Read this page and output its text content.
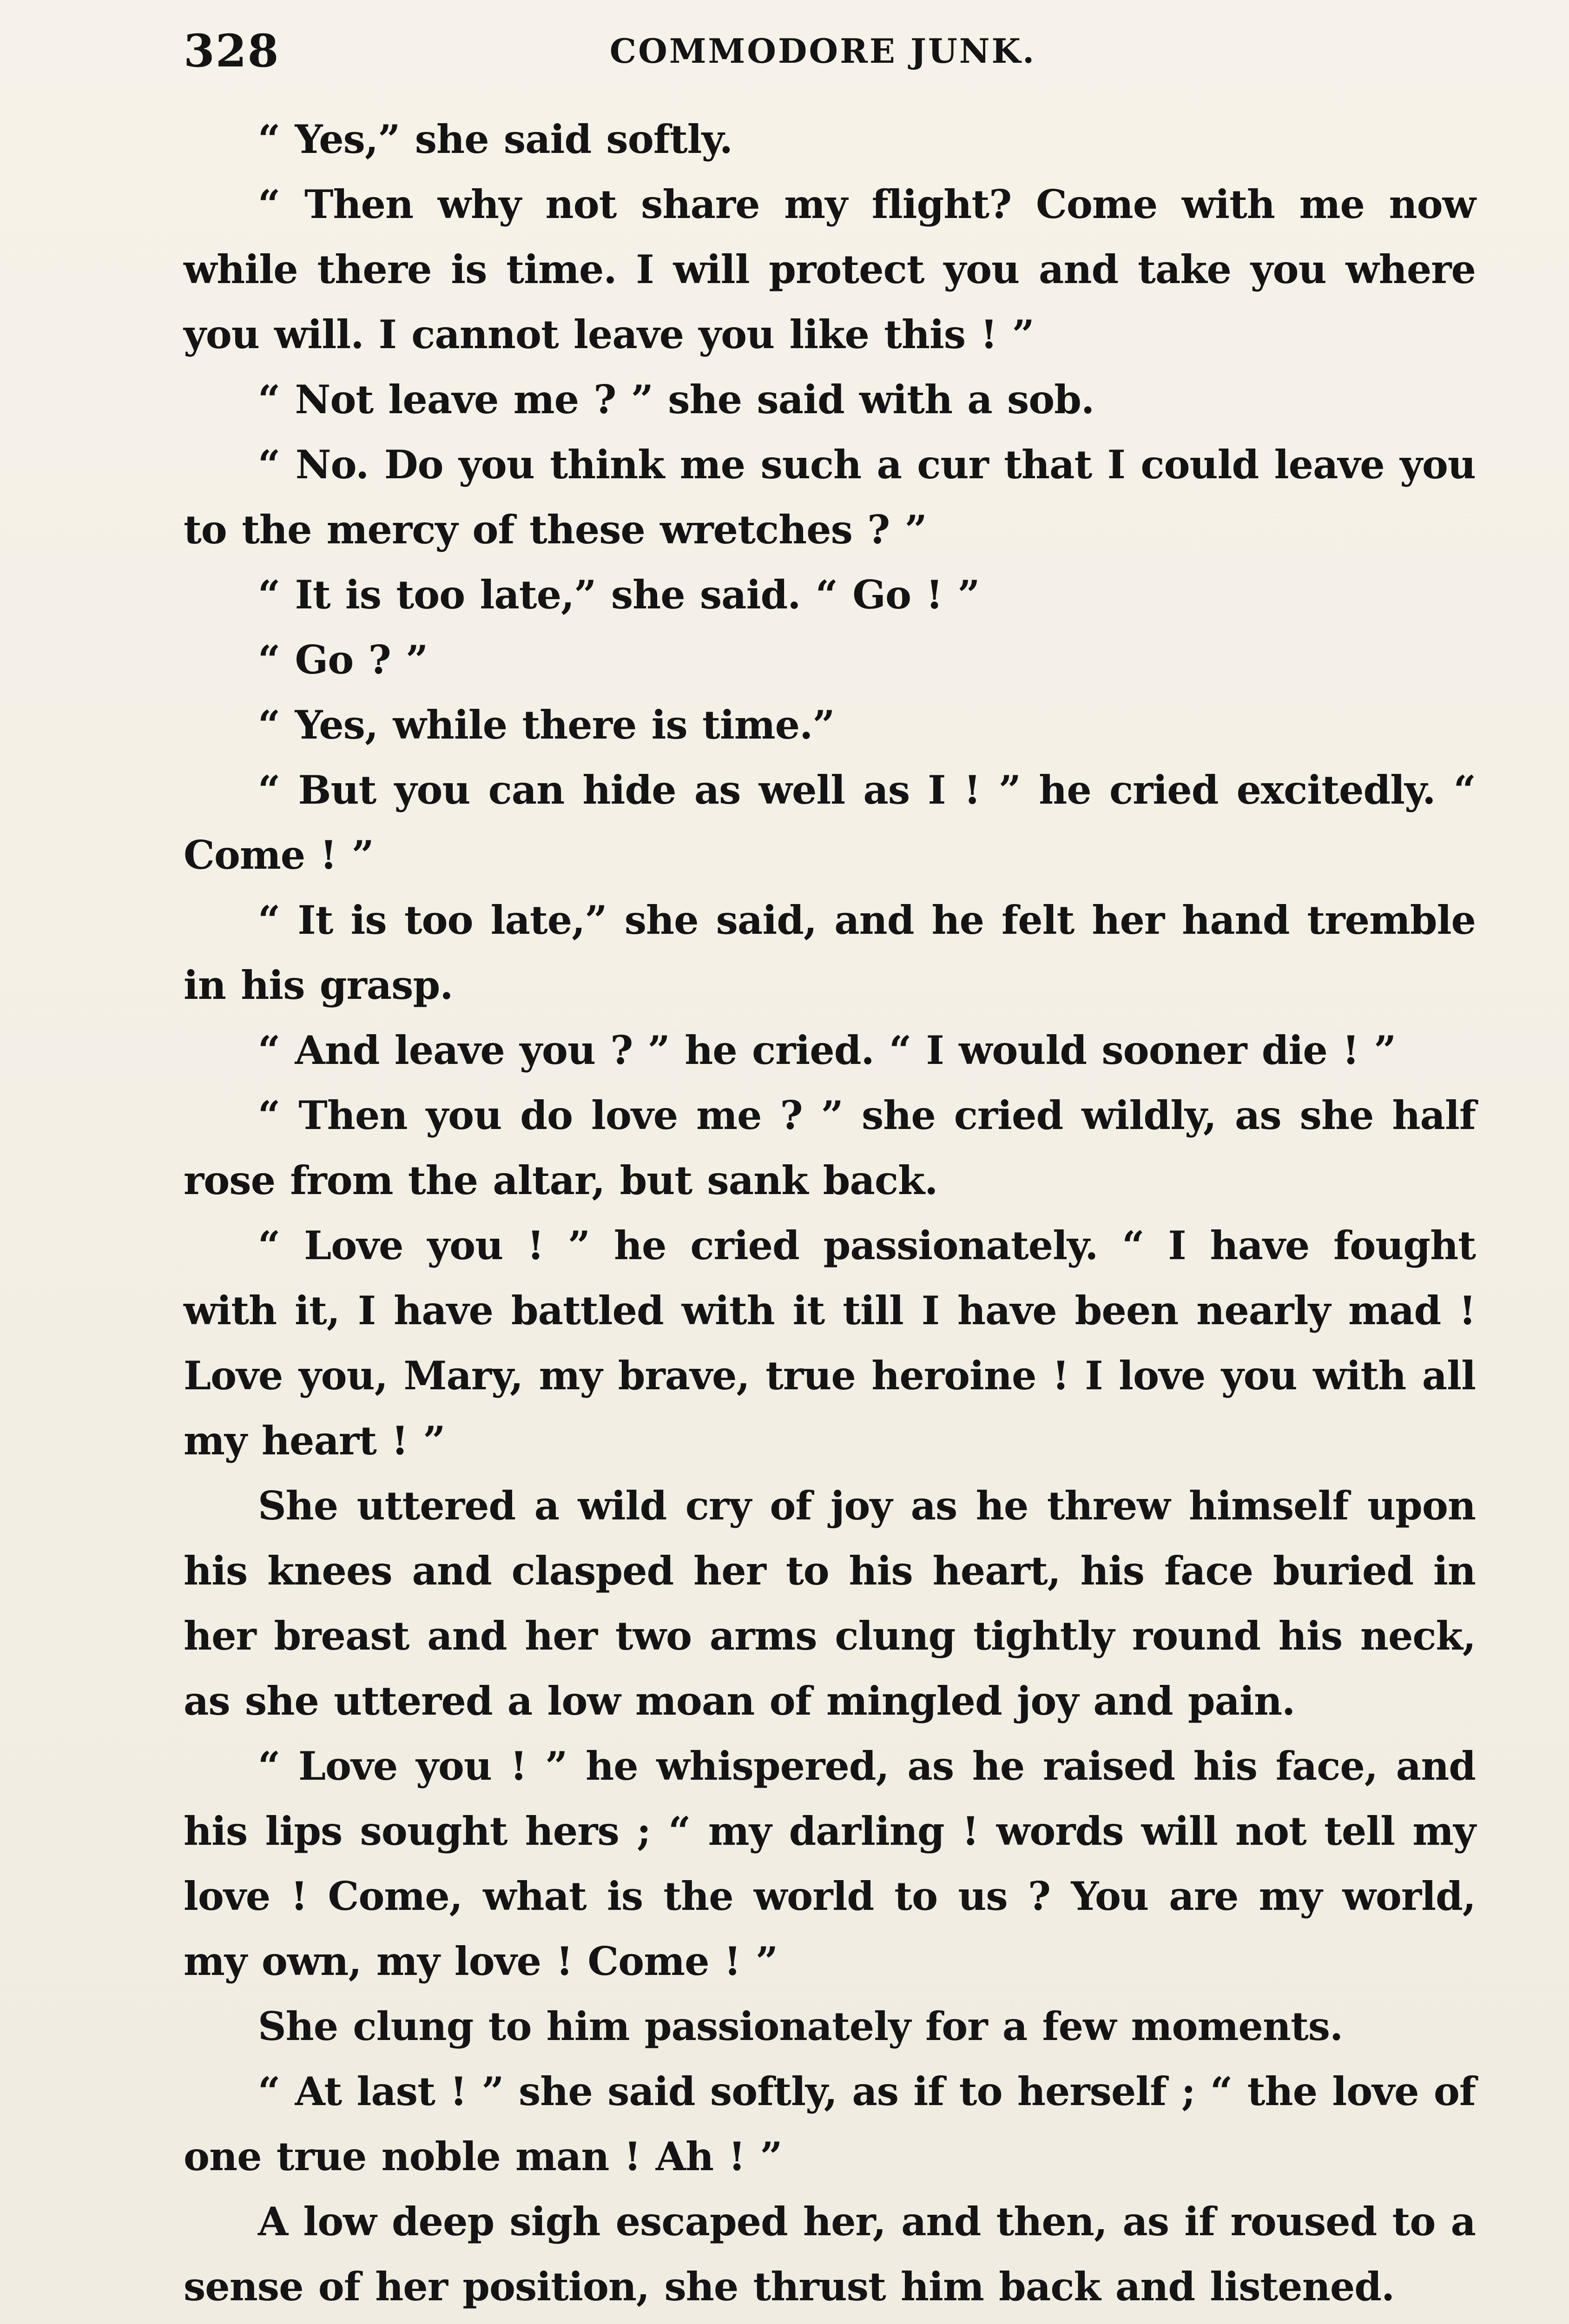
328	COMMODORE JUNK.

“ Yes,” she said softly.

“ Then why not share my flight? Come with me now while there is time. I will protect you and take you where you will. I cannot leave you like this ! ”

“ Not leave me ? ” she said with a sob.

“ No. Do you think me such a cur that I could leave you to the mercy of these wretches ? ”

“ It is too late,” she said. “ Go ! ”

“ Go ? ”

“ Yes, while there is time.”

“ But you can hide as well as I ! ” he cried excitedly. “ Come ! ”

“ It is too late,” she said, and he felt her hand tremble in his grasp.

“ And leave you ? ” he cried. “ I would sooner die ! ”

“ Then you do love me ? ” she cried wildly, as she half rose from the altar, but sank back.

“ Love you ! ” he cried passionately. “ I have fought with it, I have battled with it till I have been nearly mad ! Love you, Mary, my brave, true heroine ! I love you with all my heart ! ”

She uttered a wild cry of joy as he threw himself upon his knees and clasped her to his heart, his face buried in her breast and her two arms clung tightly round his neck, as she uttered a low moan of mingled joy and pain.

“ Love you ! ” he whispered, as he raised his face, and his lips sought hers ; “ my darling ! words will not tell my love ! Come, what is the world to us ? You are my world, my own, my love ! Come ! ”

She clung to him passionately for a few moments.

“ At last ! ” she said softly, as if to herself ; “ the love of one true noble man ! Ah ! ”

A low deep sigh escaped her, and then, as if roused to a sense of her position, she thrust him back and listened.
